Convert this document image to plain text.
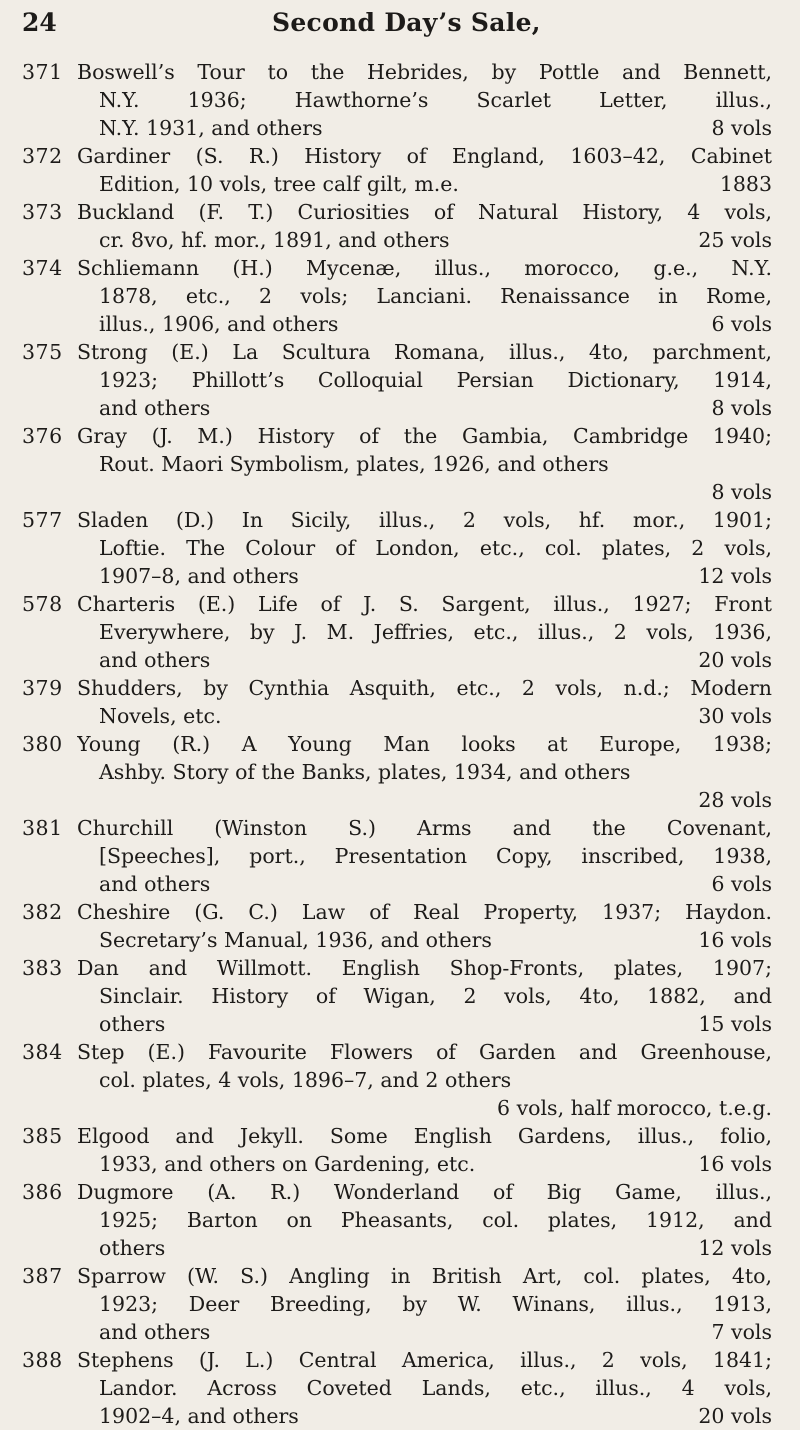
24	Second Day’s Sale,
371 Boswell’s Tour to the Hebrides, by Pottle and Bennett,
N.Y. 1936; Hawthorne’s Scarlet Letter, illus.,
N.Y. 1931, and others	8 vols
372 Gardiner (S. R.) History of England, 1603–42, Cabinet
Edition, 10 vols, tree calf gilt, m.e.	1883
373 Buckland (F. T.) Curiosities of Natural History, 4 vols,
cr. 8vo, hf. mor., 1891, and others	25 vols
374 Schliemann (H.) Mycenæ, illus., morocco, g.e., N.Y.
1878, etc., 2 vols; Lanciani. Renaissance in Rome,
illus., 1906, and others	6 vols
375 Strong (E.) La Scultura Romana, illus., 4to, parchment,
1923; Phillott’s Colloquial Persian Dictionary, 1914,
and others	8 vols
376 Gray (J. M.) History of the Gambia, Cambridge 1940;
Rout. Maori Symbolism, plates, 1926, and others
8 vols
577 Sladen (D.) In Sicily, illus., 2 vols, hf. mor., 1901;
Loftie. The Colour of London, etc., col. plates, 2 vols,
1907–8, and others	12 vols
578 Charteris (E.) Life of J. S. Sargent, illus., 1927; Front
Everywhere, by J. M. Jeffries, etc., illus., 2 vols, 1936,
and others	20 vols
379 Shudders, by Cynthia Asquith, etc., 2 vols, n.d.; Modern
Novels, etc.	30 vols
380 Young (R.) A Young Man looks at Europe, 1938;
Ashby. Story of the Banks, plates, 1934, and others
28 vols
381 Churchill (Winston S.) Arms and the Covenant,
[Speeches], port., Presentation Copy, inscribed, 1938,
and others	6 vols
382 Cheshire (G. C.) Law of Real Property, 1937; Haydon.
Secretary’s Manual, 1936, and others	16 vols
383 Dan and Willmott. English Shop-Fronts, plates, 1907;
Sinclair. History of Wigan, 2 vols, 4to, 1882, and
others	15 vols
384 Step (E.) Favourite Flowers of Garden and Greenhouse,
col. plates, 4 vols, 1896–7, and 2 others
6 vols, half morocco, t.e.g.
385 Elgood and Jekyll. Some English Gardens, illus., folio,
1933, and others on Gardening, etc.	16 vols
386 Dugmore (A. R.) Wonderland of Big Game, illus.,
1925; Barton on Pheasants, col. plates, 1912, and
others	12 vols
387 Sparrow (W. S.) Angling in British Art, col. plates, 4to,
1923; Deer Breeding, by W. Winans, illus., 1913,
and others	7 vols
388 Stephens (J. L.) Central America, illus., 2 vols, 1841;
Landor. Across Coveted Lands, etc., illus., 4 vols,
1902–4, and others	20 vols
